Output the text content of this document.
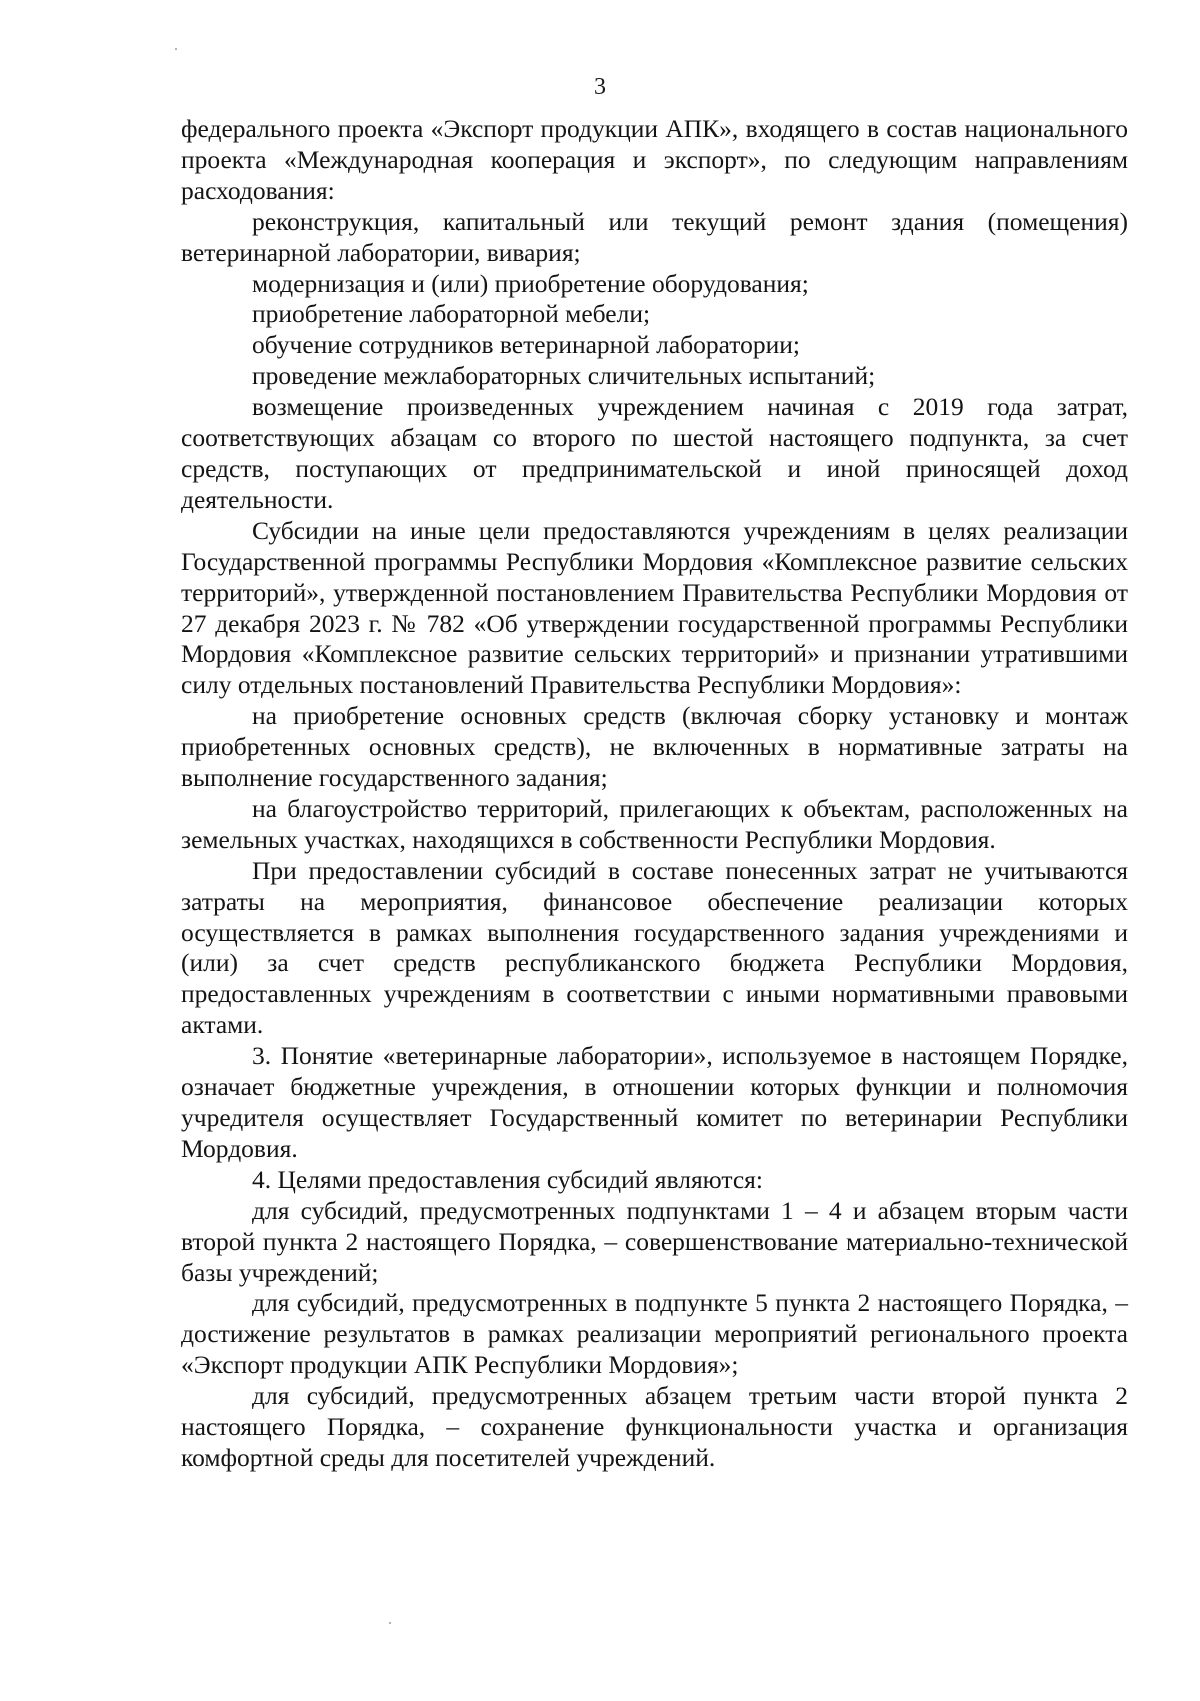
3

федерального проекта «Экспорт продукции АПК», входящего в состав национального проекта «Международная кооперация и экспорт», по следующим направлениям расходования:

реконструкция, капитальный или текущий ремонт здания (помещения) ветеринарной лаборатории, вивария;

модернизация и (или) приобретение оборудования;

приобретение лабораторной мебели;

обучение сотрудников ветеринарной лаборатории;

проведение межлабораторных сличительных испытаний;

возмещение произведенных учреждением начиная с 2019 года затрат, соответствующих абзацам со второго по шестой настоящего подпункта, за счет средств, поступающих от предпринимательской и иной приносящей доход деятельности.

Субсидии на иные цели предоставляются учреждениям в целях реализации Государственной программы Республики Мордовия «Комплексное развитие сельских территорий», утвержденной постановлением Правительства Республики Мордовия от 27 декабря 2023 г. № 782 «Об утверждении государственной программы Республики Мордовия «Комплексное развитие сельских территорий» и признании утратившими силу отдельных постановлений Правительства Республики Мордовия»:

на приобретение основных средств (включая сборку установку и монтаж приобретенных основных средств), не включенных в нормативные затраты на выполнение государственного задания;

на благоустройство территорий, прилегающих к объектам, расположенных на земельных участках, находящихся в собственности Республики Мордовия.

При предоставлении субсидий в составе понесенных затрат не учитываются затраты на мероприятия, финансовое обеспечение реализации которых осуществляется в рамках выполнения государственного задания учреждениями и (или) за счет средств республиканского бюджета Республики Мордовия, предоставленных учреждениям в соответствии с иными нормативными правовыми актами.

3. Понятие «ветеринарные лаборатории», используемое в настоящем Порядке, означает бюджетные учреждения, в отношении которых функции и полномочия учредителя осуществляет Государственный комитет по ветеринарии Республики Мордовия.

4. Целями предоставления субсидий являются:

для субсидий, предусмотренных подпунктами 1 – 4 и абзацем вторым части второй пункта 2 настоящего Порядка, – совершенствование материально-технической базы учреждений;

для субсидий, предусмотренных в подпункте 5 пункта 2 настоящего Порядка, – достижение результатов в рамках реализации мероприятий регионального проекта «Экспорт продукции АПК Республики Мордовия»;

для субсидий, предусмотренных абзацем третьим части второй пункта 2 настоящего Порядка, – сохранение функциональности участка и организация комфортной среды для посетителей учреждений.
